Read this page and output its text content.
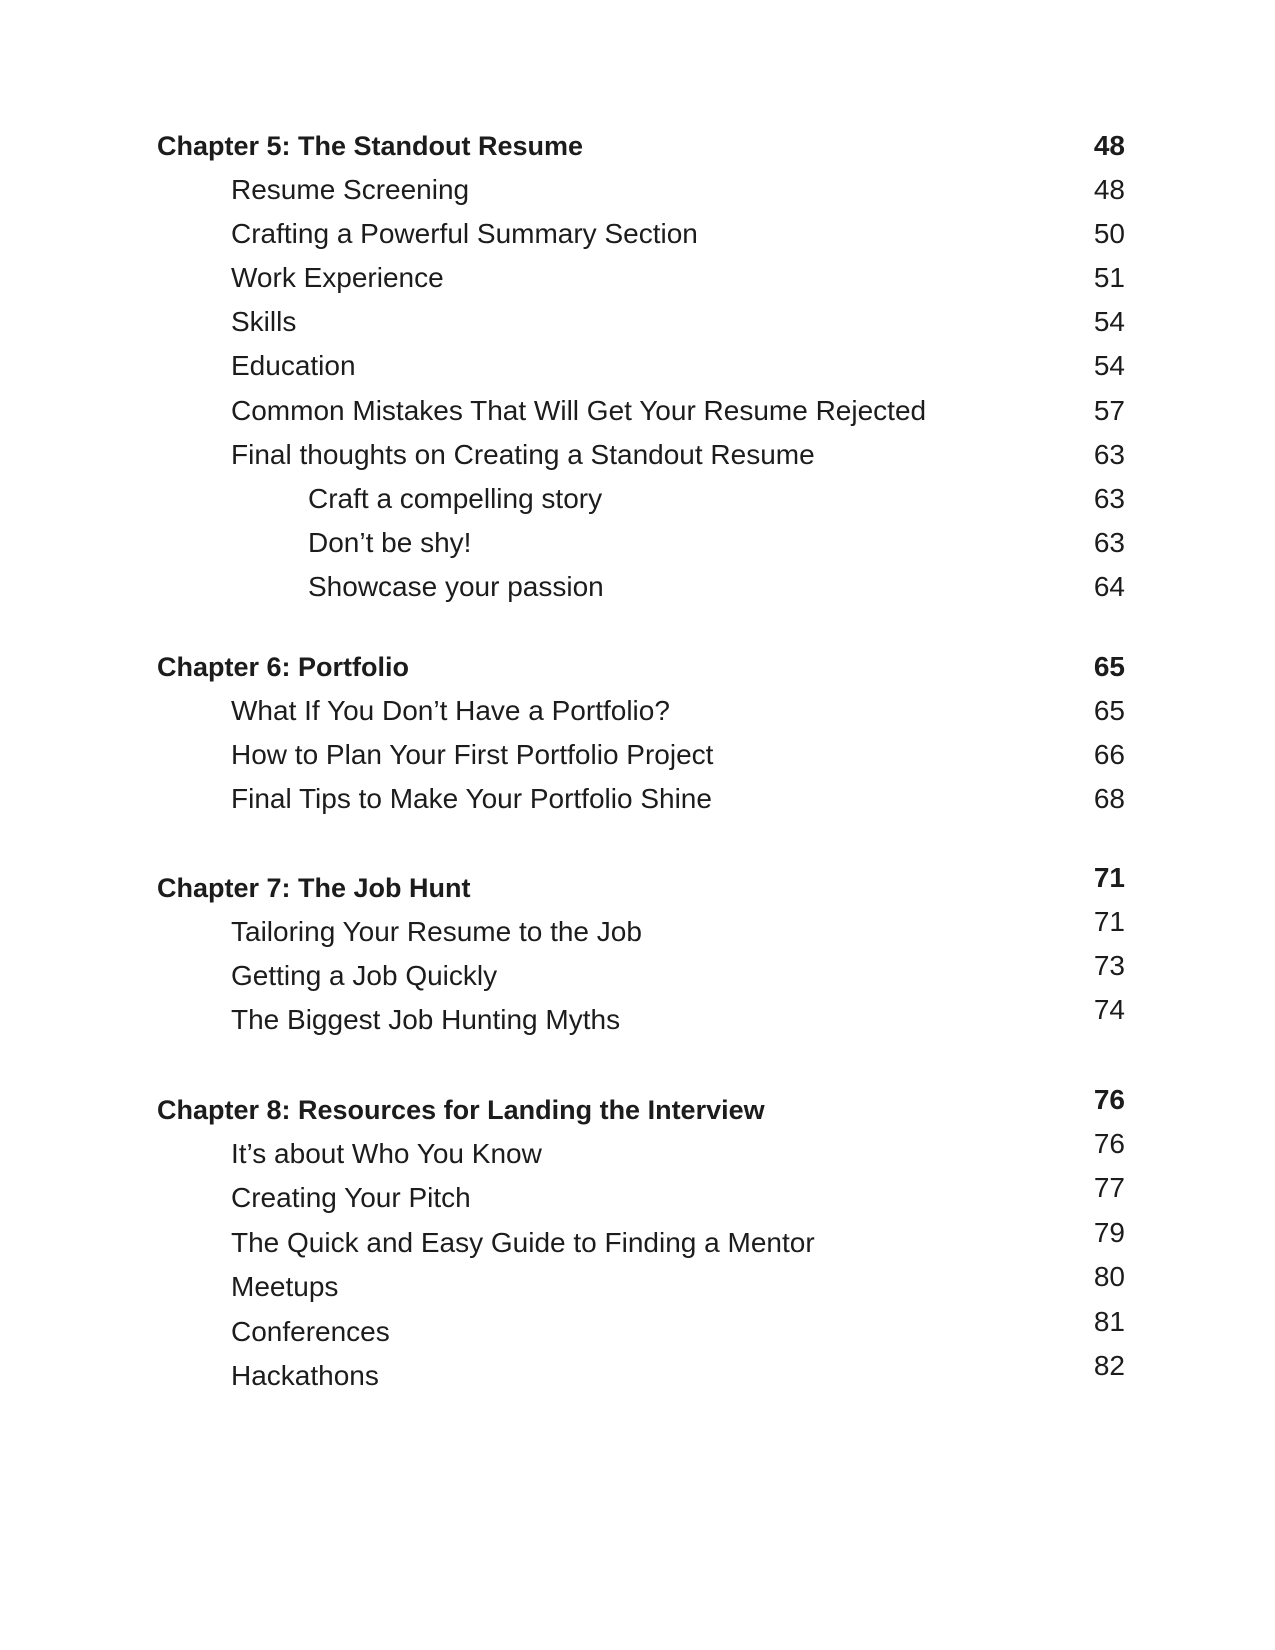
Chapter 5: The Standout Resume	48
Resume Screening	48
Crafting a Powerful Summary Section	50
Work Experience	51
Skills	54
Education	54
Common Mistakes That Will Get Your Resume Rejected	57
Final thoughts on Creating a Standout Resume	63
Craft a compelling story	63
Don’t be shy!	63
Showcase your passion	64
Chapter 6: Portfolio	65
What If You Don’t Have a Portfolio?	65
How to Plan Your First Portfolio Project	66
Final Tips to Make Your Portfolio Shine	68
Chapter 7: The Job Hunt	71
Tailoring Your Resume to the Job	71
Getting a Job Quickly	73
The Biggest Job Hunting Myths	74
Chapter 8: Resources for Landing the Interview	76
It’s about Who You Know	76
Creating Your Pitch	77
The Quick and Easy Guide to Finding a Mentor	79
Meetups	80
Conferences	81
Hackathons	82
